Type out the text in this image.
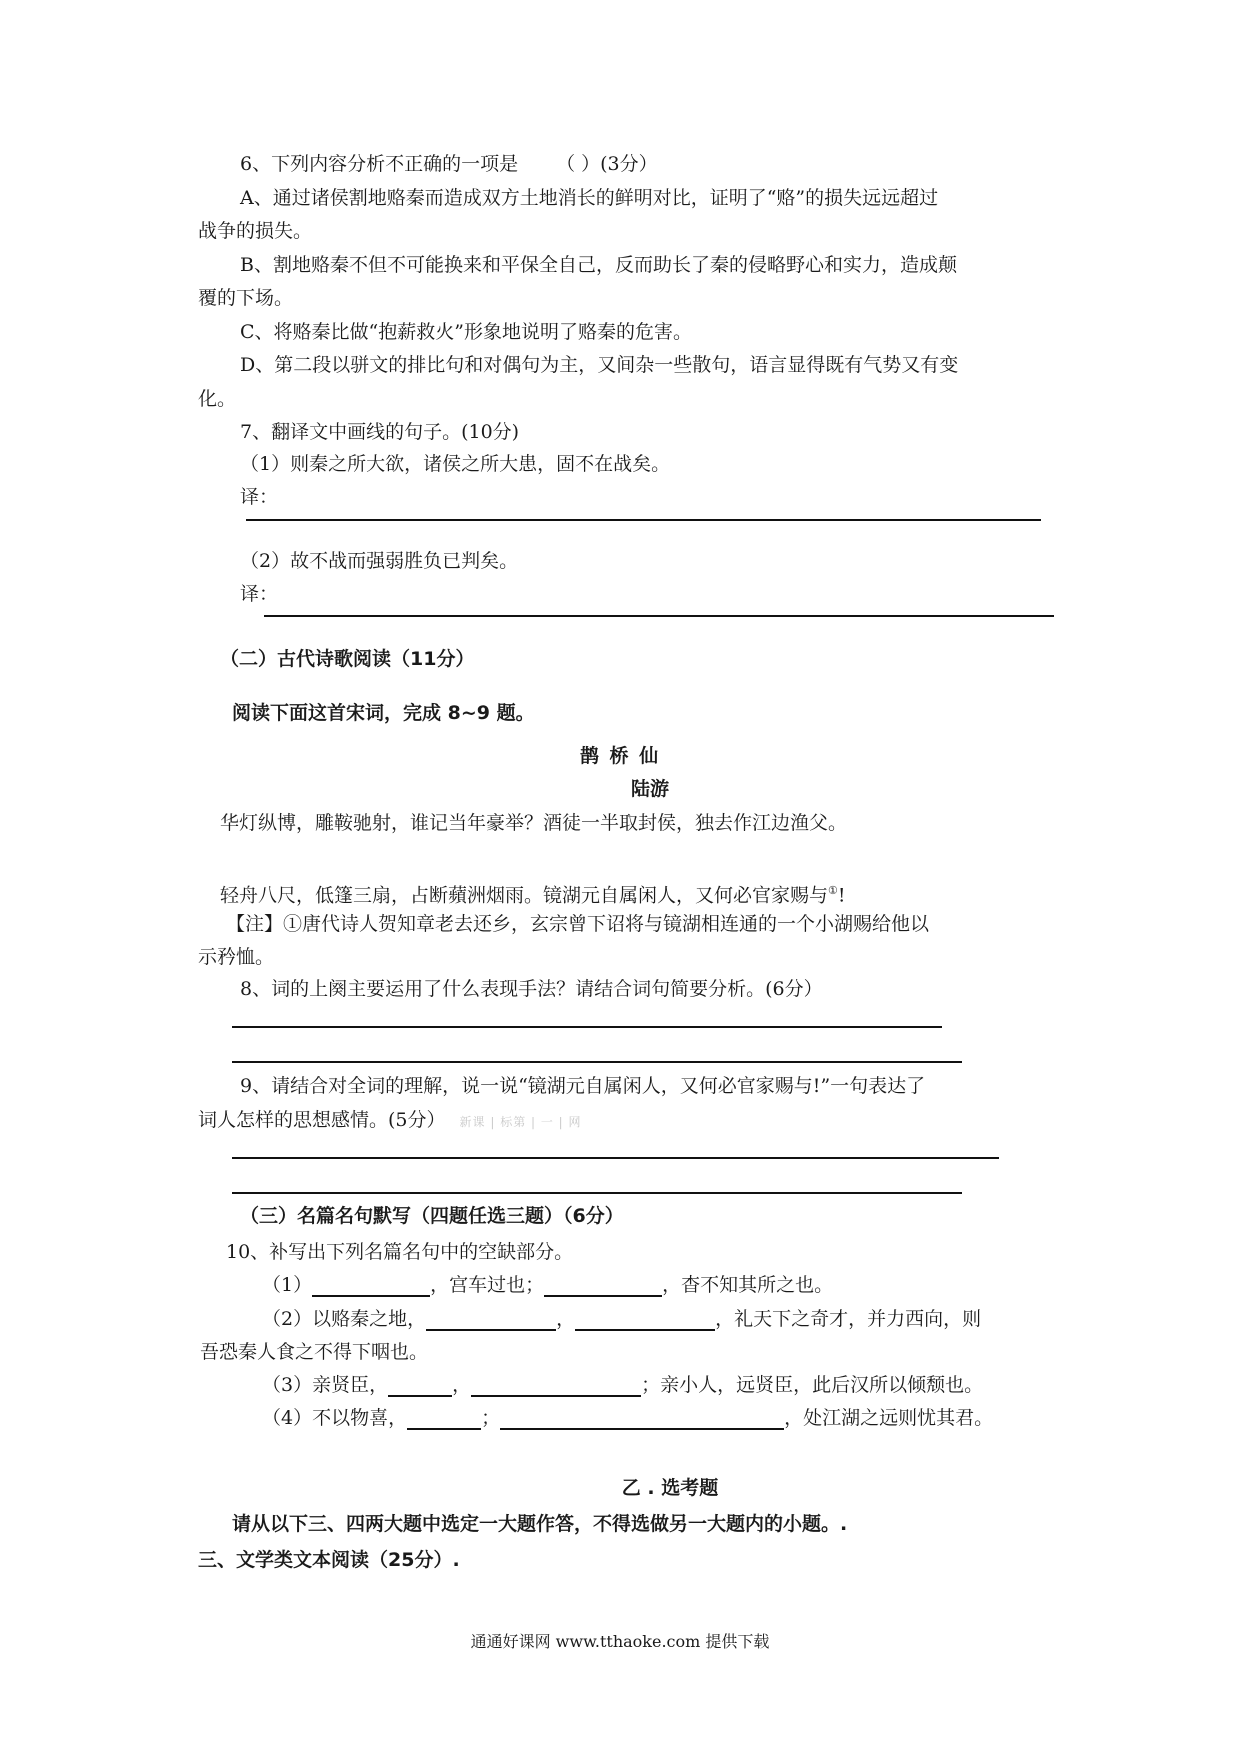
6、下列内容分析不正确的一项是 （ ）(3分）
A、通过诸侯割地赂秦而造成双方土地消长的鲜明对比，证明了“赂”的损失远远超过
战争的损失。
B、割地赂秦不但不可能换来和平保全自己，反而助长了秦的侵略野心和实力，造成颠
覆的下场。
C、将赂秦比做“抱薪救火”形象地说明了赂秦的危害。
D、第二段以骈文的排比句和对偶句为主，又间杂一些散句，语言显得既有气势又有变
化。
7、翻译文中画线的句子。(10分)
（1）则秦之所大欲，诸侯之所大患，固不在战矣。
译：
（2）故不战而强弱胜负已判矣。
译：
（二）古代诗歌阅读（11分）
阅读下面这首宋词，完成 8~9 题。
鹊 桥 仙
陆游
华灯纵博，雕鞍驰射，谁记当年豪举？酒徒一半取封侯，独去作江边渔父。
轻舟八尺，低篷三扇，占断蘋洲烟雨。镜湖元自属闲人，又何必官家赐与①!
【注】①唐代诗人贺知章老去还乡，玄宗曾下诏将与镜湖相连通的一个小湖赐给他以
示矜恤。
8、词的上阕主要运用了什么表现手法？请结合词句简要分析。(6分）
9、请结合对全词的理解，说一说“镜湖元自属闲人，又何必官家赐与!”一句表达了
词人怎样的思想感情。(5分） 新课 | 标第 | 一 | 网
（三）名篇名句默写（四题任选三题）（6分）
10、补写出下列名篇名句中的空缺部分。
（1）	，宫车过也；	，杳不知其所之也。
（2）以赂秦之地，	，	，礼天下之奇才，并力西向，则
吾恐秦人食之不得下咽也。
（3）亲贤臣，	，	；亲小人，远贤臣，此后汉所以倾颓也。
（4）不以物喜，	；	，处江湖之远则忧其君。
乙 . 选考题
请从以下三、四两大题中选定一大题作答，不得选做另一大题内的小题。.
三、文学类文本阅读（25分）.
通通好课网 www.tthaoke.com 提供下载
